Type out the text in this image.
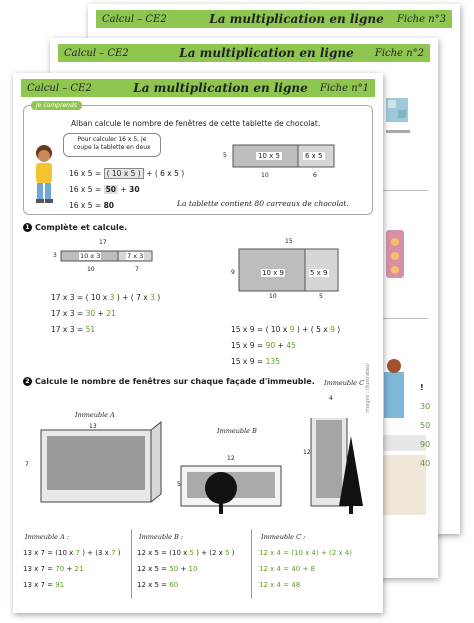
Calcul – CE2	La multiplication en ligne	Fiche n°3
Calcul – CE2	La multiplication en ligne	Fiche n°2
!
30
50
90
40
Calcul – CE2	La multiplication en ligne	Fiche n°1
Je comprends
Alban calcule le nombre de fenêtres de cette tablette de chocolat.
Pour calculer 16 x 5, je coupe la tablette en deux
16 x 5 = ( 10 x 5 ) + ( 6 x 5 )
16 x 5 = 50 + 30
16 x 5 = 80
10 x 5	6 x 5
5
10	6
La tablette contient 80 carreaux de chocolat.
1 Complète et calcule.
17
3	10 x 3	7 x 3
10	7
15
9	10 x 9	5 x 9
10	5
17 x 3 = ( 10 x 3 ) + ( 7 x 3 )
17 x 3 = 30 + 21
17 x 3 = 51	15 x 9 = ( 10 x 9 ) + ( 5 x 9 )
15 x 9 = 90 + 45
15 x 9 = 135
2 Calcule le nombre de fenêtres sur chaque façade d'immeuble.
Immeuble A
Immeuble B
Immeuble C
13
7
12
5
4
12
images : Illustrateur
Immeuble A :
13 x 7 = (10 x 7 ) + (3 x 7 )
13 x 7 = 70 + 21
13 x 7 = 91
Immeuble B :
12 x 5 = (10 x 5 ) + (2 x 5 )
12 x 5 = 50 + 10
12 x 5 = 60
Immeuble C :
12 x 4 = (10 x 4) + (2 x 4)
12 x 4 = 40 + 8
12 x 4 = 48
